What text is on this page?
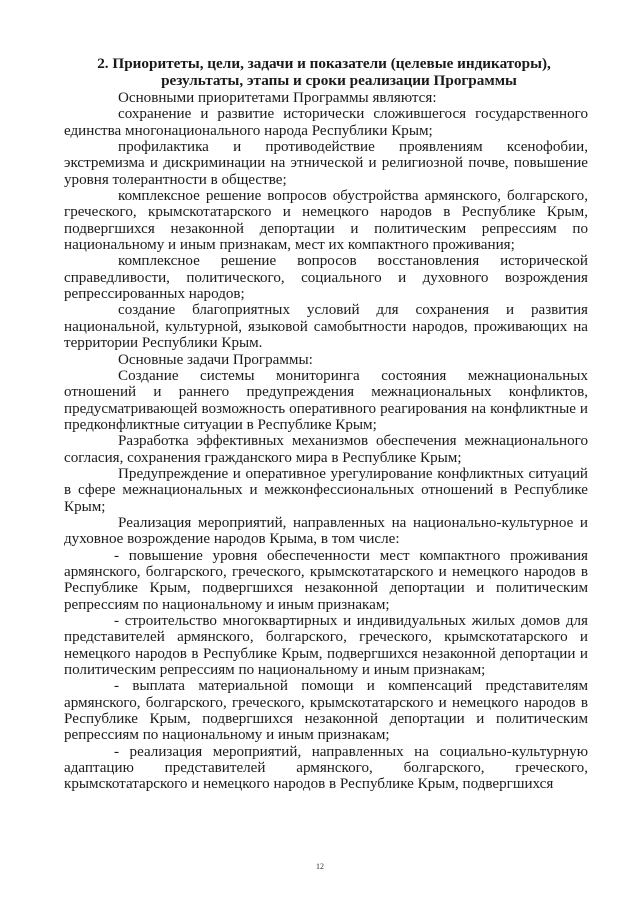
2. Приоритеты, цели, задачи и показатели (целевые индикаторы),
результаты, этапы и сроки реализации Программы

Основными приоритетами Программы являются:

сохранение и развитие исторически сложившегося государственного единства многонационального народа Республики Крым;

профилактика и противодействие проявлениям ксенофобии, экстремизма и дискриминации на этнической и религиозной почве, повышение уровня толерантности в обществе;

комплексное решение вопросов обустройства армянского, болгарского, греческого, крымскотатарского и немецкого народов в Республике Крым, подвергшихся незаконной депортации и политическим репрессиям по национальному и иным признакам, мест их компактного проживания;

комплексное решение вопросов восстановления исторической справедливости, политического, социального и духовного возрождения репрессированных народов;

создание благоприятных условий для сохранения и развития национальной, культурной, языковой самобытности народов, проживающих на территории Республики Крым.

Основные задачи Программы:

Создание системы мониторинга состояния межнациональных отношений и раннего предупреждения межнациональных конфликтов, предусматривающей возможность оперативного реагирования на конфликтные и предконфликтные ситуации в Республике Крым;

Разработка эффективных механизмов обеспечения межнационального согласия, сохранения гражданского мира в Республике Крым;

Предупреждение и оперативное урегулирование конфликтных ситуаций в сфере межнациональных и межконфессиональных отношений в Республике Крым;

Реализация мероприятий, направленных на национально-культурное и духовное возрождение народов Крыма, в том числе:

- повышение уровня обеспеченности мест компактного проживания армянского, болгарского, греческого, крымскотатарского и немецкого народов в Республике Крым, подвергшихся незаконной депортации и политическим репрессиям по национальному и иным признакам;

- строительство многоквартирных и индивидуальных жилых домов для представителей армянского, болгарского, греческого, крымскотатарского и немецкого народов в Республике Крым, подвергшихся незаконной депортации и политическим репрессиям по национальному и иным признакам;

- выплата материальной помощи и компенсаций представителям армянского, болгарского, греческого, крымскотатарского и немецкого народов в Республике Крым, подвергшихся незаконной депортации и политическим репрессиям по национальному и иным признакам;

- реализация мероприятий, направленных на социально-культурную адаптацию представителей армянского, болгарского, греческого, крымскотатарского и немецкого народов в Республике Крым, подвергшихся

12
